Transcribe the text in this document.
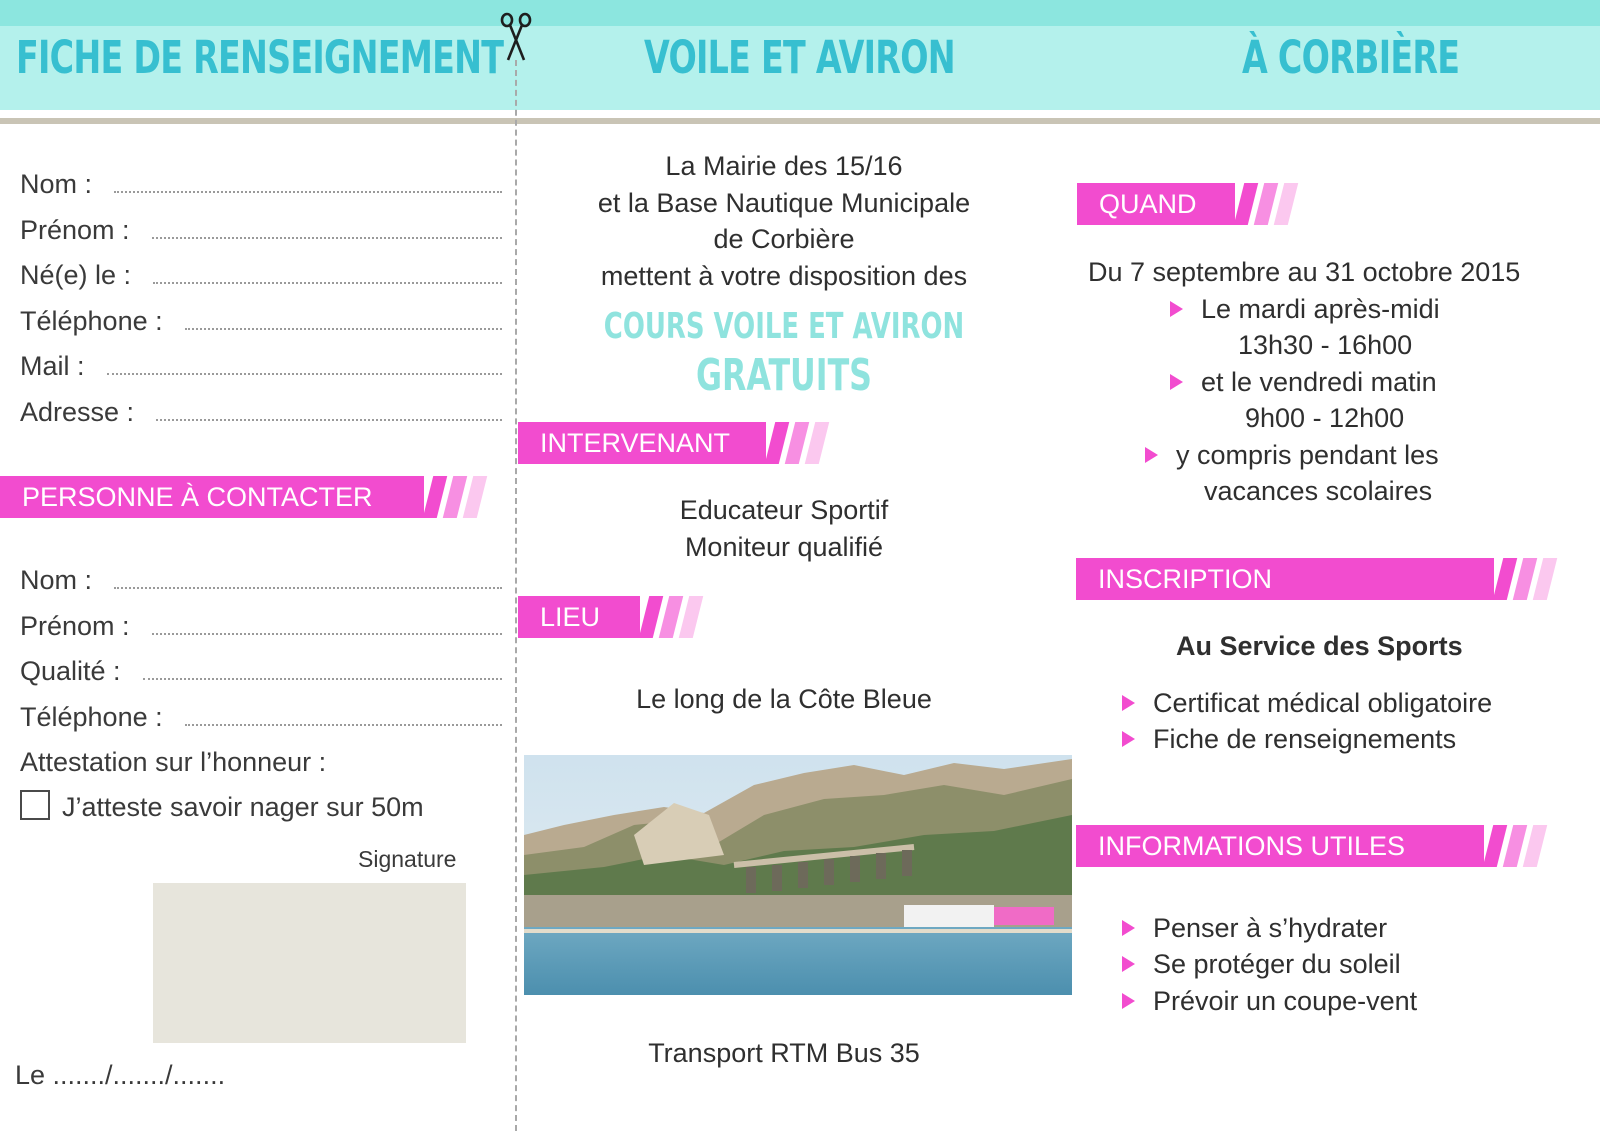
FICHE DE RENSEIGNEMENT	VOILE ET AVIRON	À CORBIÈRE
Nom :
Prénom :
Né(e) le :
Téléphone :
Mail :
Adresse :
PERSONNE À CONTACTER
Nom :
Prénom :
Qualité :
Téléphone :
Attestation sur l’honneur :
J’atteste savoir nager sur 50m
Signature
Le ......./......./.......
La Mairie des 15/16
et la Base Nautique Municipale
de Corbière
mettent à votre disposition des
COURS VOILE ET AVIRON
GRATUITS
INTERVENANT
Educateur Sportif
Moniteur qualifié
LIEU
Le long de la Côte Bleue
Transport RTM Bus 35
QUAND
Du 7 septembre au 31 octobre 2015
Le mardi après-midi
13h30 - 16h00
et le vendredi matin
9h00 - 12h00
y compris pendant les
vacances scolaires
INSCRIPTION
Au Service des Sports
Certificat médical obligatoire
Fiche de renseignements
INFORMATIONS UTILES
Penser à s’hydrater
Se protéger du soleil
Prévoir un coupe-vent
